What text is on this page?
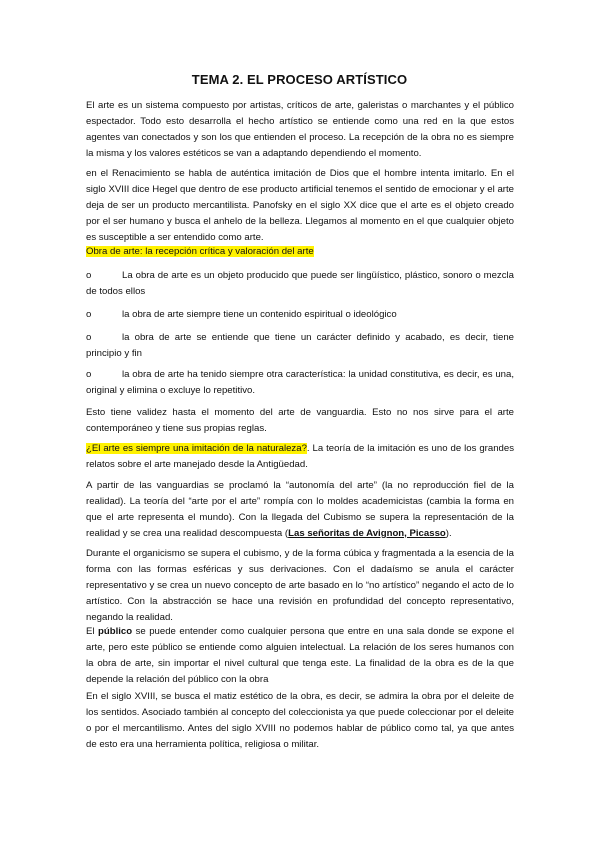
TEMA 2. EL PROCESO ARTÍSTICO

El arte es un sistema compuesto por artistas, críticos de arte, galeristas o marchantes y el público espectador. Todo esto desarrolla el hecho artístico se entiende como una red en la que estos agentes van conectados y son los que entienden el proceso. La recepción de la obra no es siempre la misma y los valores estéticos se van a adaptando dependiendo el momento.

en el Renacimiento se habla de auténtica imitación de Dios que el hombre intenta imitarlo. En el siglo XVIII dice Hegel que dentro de ese producto artificial tenemos el sentido de emocionar y el arte deja de ser un producto mercantilista. Panofsky en el siglo XX dice que el arte es el objeto creado por el ser humano y busca el anhelo de la belleza. Llegamos al momento en el que cualquier objeto es susceptible a ser entendido como arte.

Obra de arte: la recepción crítica y valoración del arte

La obra de arte es un objeto producido que puede ser lingüístico, plástico, sonoro o mezcla de todos ellos

o

la obra de arte siempre tiene un contenido espiritual o ideológico

o

la obra de arte se entiende que tiene un carácter definido y acabado, es decir, tiene principio y fin

o

la obra de arte ha tenido siempre otra característica: la unidad constitutiva, es decir, es una, original y elimina o excluye lo repetitivo.

o

Esto tiene validez hasta el momento del arte de vanguardia. Esto no nos sirve para el arte contemporáneo y tiene sus propias reglas.

¿El arte es siempre una imitación de la naturaleza?. La teoría de la imitación es uno de los grandes relatos sobre el arte manejado desde la Antigüedad.

A partir de las vanguardias se proclamó la “autonomía del arte” (la no reproducción fiel de la realidad). La teoría del “arte por el arte” rompía con lo moldes academicistas (cambia la forma en que el arte representa el mundo). Con la llegada del Cubismo se supera la representación de la realidad y se crea una realidad descompuesta (Las señoritas de Avignon, Picasso).

Durante el organicismo se supera el cubismo, y de la forma cúbica y fragmentada a la esencia de la forma con las formas esféricas y sus derivaciones. Con el dadaísmo se anula el carácter representativo y se crea un nuevo concepto de arte basado en lo “no artístico” negando el acto de lo artístico. Con la abstracción se hace una revisión en profundidad del concepto representativo, negando la realidad.

El público se puede entender como cualquier persona que entre en una sala donde se expone el arte, pero este público se entiende como alguien intelectual. La relación de los seres humanos con la obra de arte, sin importar el nivel cultural que tenga este. La finalidad de la obra es de la que depende la relación del público con la obra

En el siglo XVIII, se busca el matiz estético de la obra, es decir, se admira la obra por el deleite de los sentidos. Asociado también al concepto del coleccionista ya que puede coleccionar por el deleite o por el mercantilismo. Antes del siglo XVIII no podemos hablar de público como tal, ya que antes de esto era una herramienta política, religiosa o militar.
